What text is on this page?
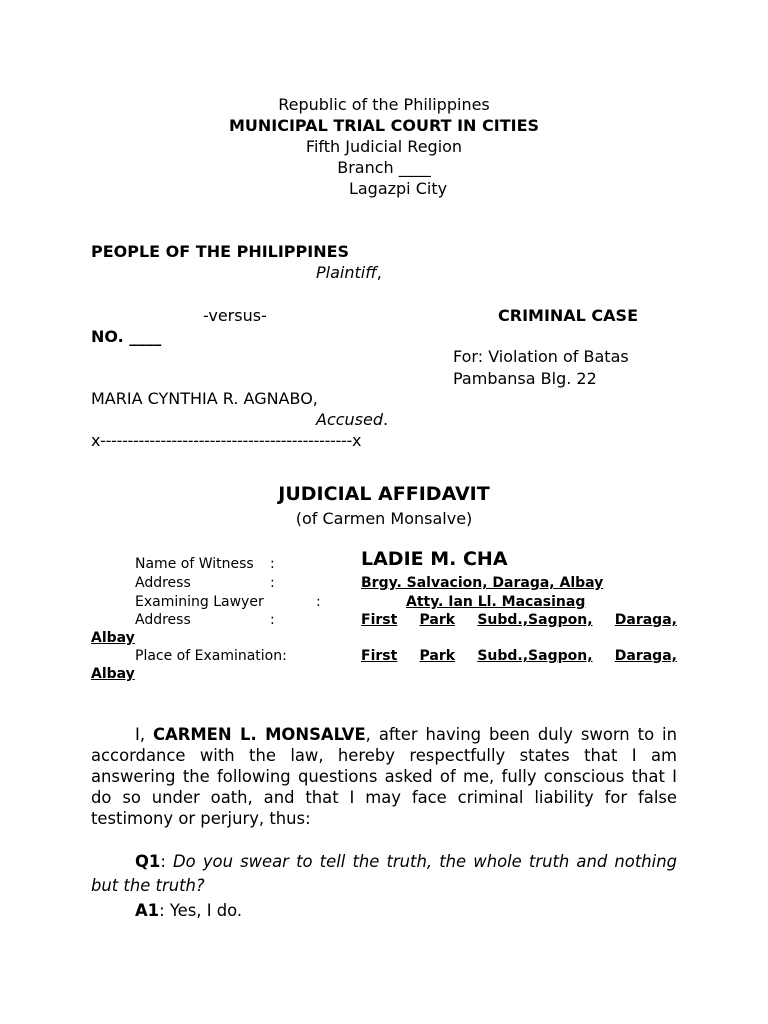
Republic of the Philippines
MUNICIPAL TRIAL COURT IN CITIES
Fifth Judicial Region
Branch ____
Lagazpi City
PEOPLE OF THE PHILIPPINES
Plaintiff,
-versus-	CRIMINAL CASE
NO. ____
For: Violation of Batas
Pambansa Blg. 22
MARIA CYNTHIA R. AGNABO,
Accused.
x----------------------------------------------x
JUDICIAL AFFIDAVIT
(of Carmen Monsalve)
Name of Witness :	LADIE M. CHA
Address	:	Brgy. Salvacion, Daraga, Albay
Examining Lawyer	:	Atty. Ian Ll. Macasinag
Address	:	First Park Subd.,Sagpon, Daraga,
Albay
Place of Examination:	First Park Subd.,Sagpon, Daraga,
Albay
I, CARMEN L. MONSALVE, after having been duly sworn to in accordance with the law, hereby respectfully states that I am answering the following questions asked of me, fully conscious that I do so under oath, and that I may face criminal liability for false testimony or perjury, thus:
Q1: Do you swear to tell the truth, the whole truth and nothing but the truth?
A1: Yes, I do.
